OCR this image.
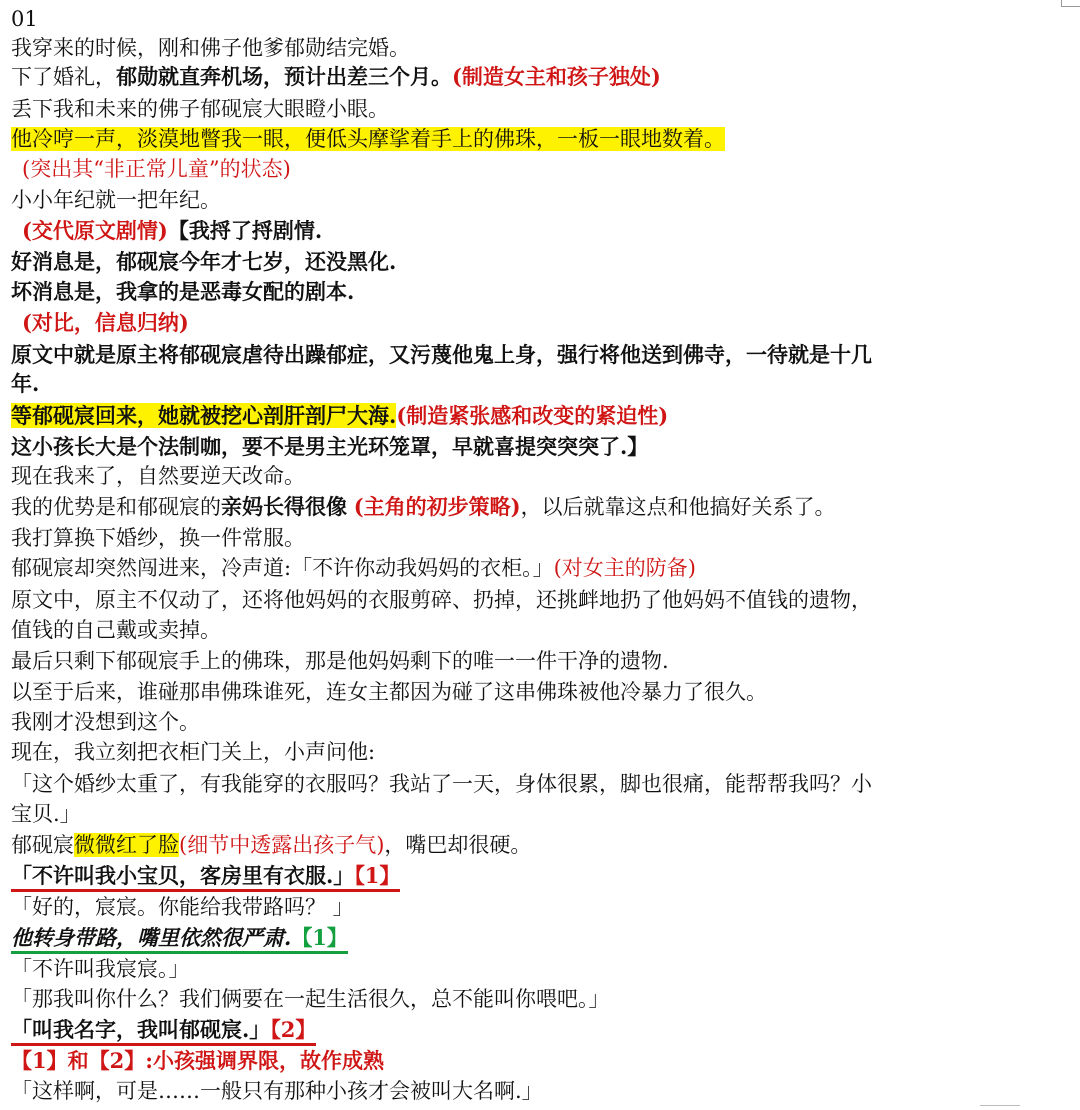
01
我穿来的时候，刚和佛子他爹郁勋结完婚。
下了婚礼，郁勋就直奔机场，预计出差三个月。(制造女主和孩子独处)
丢下我和未来的佛子郁砚宸大眼瞪小眼。
他冷哼一声，淡漠地瞥我一眼，便低头摩挲着手上的佛珠，一板一眼地数着。
(突出其“非正常儿童”的状态)
小小年纪就一把年纪。
(交代原文剧情)【我捋了捋剧情.
好消息是，郁砚宸今年才七岁，还没黑化.
坏消息是，我拿的是恶毒女配的剧本.
(对比，信息归纳)
原文中就是原主将郁砚宸虐待出躁郁症，又污蔑他鬼上身，强行将他送到佛寺，一待就是十几
年.
等郁砚宸回来，她就被挖心剖肝剖尸大海.(制造紧张感和改变的紧迫性)
这小孩长大是个法制咖，要不是男主光环笼罩，早就喜提突突突了.】
现在我来了，自然要逆天改命。
我的优势是和郁砚宸的亲妈长得很像 (主角的初步策略)，以后就靠这点和他搞好关系了。
我打算换下婚纱，换一件常服。
郁砚宸却突然闯进来，冷声道:「不许你动我妈妈的衣柜。」(对女主的防备)
原文中，原主不仅动了，还将他妈妈的衣服剪碎、扔掉，还挑衅地扔了他妈妈不值钱的遗物，
值钱的自己戴或卖掉。
最后只剩下郁砚宸手上的佛珠，那是他妈妈剩下的唯一一件干净的遗物.
以至于后来，谁碰那串佛珠谁死，连女主都因为碰了这串佛珠被他冷暴力了很久。
我刚才没想到这个。
现在，我立刻把衣柜门关上，小声问他:
「这个婚纱太重了，有我能穿的衣服吗？我站了一天，身体很累，脚也很痛，能帮帮我吗？小
宝贝.」
郁砚宸微微红了脸(细节中透露出孩子气)，嘴巴却很硬。
「不许叫我小宝贝，客房里有衣服.」【1】
「好的，宸宸。你能给我带路吗？ 」
他转身带路，嘴里依然很严肃.【1】
「不许叫我宸宸。」
「那我叫你什么？我们俩要在一起生活很久，总不能叫你喂吧。」
「叫我名字，我叫郁砚宸.」【2】
【1】和【2】:小孩强调界限，故作成熟
「这样啊，可是……一般只有那种小孩才会被叫大名啊.」
